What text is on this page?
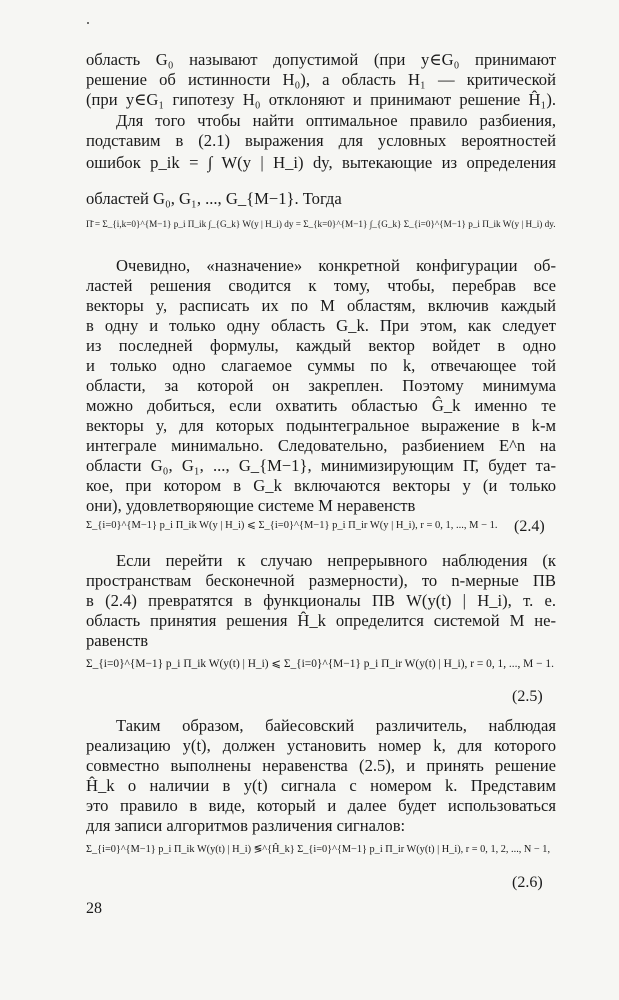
область G₀ называют допустимой (при y∈G₀ принимают

решение об истинности H₀), а область H₁ — критической

(при y∈G₁ гипотезу H₀ отклоняют и принимают решение Ĥ₁).

Для того чтобы найти оптимальное правило разбиения,

подставим в (2.1) выражения для условных вероятностей

ошибок p_ik = ∫ W(y | H_i) dy, вытекающие из определения

областей G₀, G₁, ..., G_{M−1}. Тогда

Π̄ = Σ_{i,k=0}^{M−1} p_i Π_ik ∫_{G_k} W(y | H_i) dy = Σ_{k=0}^{M−1} ∫_{G_k} Σ_{i=0}^{M−1} p_i Π_ik W(y | H_i) dy.

Очевидно, «назначение» конкретной конфигурации об-

ластей решения сводится к тому, чтобы, перебрав все

векторы y, расписать их по M областям, включив каждый

в одну и только одну область G_k. При этом, как следует

из последней формулы, каждый вектор войдет в одно

и только одно слагаемое суммы по k, отвечающее той

области, за которой он закреплен. Поэтому минимума

можно добиться, если охватить областью Ĝ_k именно те

векторы y, для которых подынтегральное выражение в k-м

интеграле минимально. Следовательно, разбиением E^n на

области G₀, G₁, ..., G_{M−1}, минимизирующим Π̄, будет та-

кое, при котором в G_k включаются векторы y (и только

они), удовлетворяющие системе M неравенств

Σ_{i=0}^{M−1} p_i Π_ik W(y | H_i) ⩽ Σ_{i=0}^{M−1} p_i Π_ir W(y | H_i), r = 0, 1, ..., M − 1.	(2.4)

Если перейти к случаю непрерывного наблюдения (к

пространствам бесконечной размерности), то n-мерные ПВ

в (2.4) превратятся в функционалы ПВ W(y(t) | H_i), т. е.

область принятия решения Ĥ_k определится системой M не-

равенств

Σ_{i=0}^{M−1} p_i Π_ik W(y(t) | H_i) ⩽ Σ_{i=0}^{M−1} p_i Π_ir W(y(t) | H_i), r = 0, 1, ..., M − 1.
(2.5)

Таким образом, байесовский различитель, наблюдая

реализацию y(t), должен установить номер k, для которого

совместно выполнены неравенства (2.5), и принять решение

Ĥ_k о наличии в y(t) сигнала с номером k. Представим

это правило в виде, который и далее будет использоваться

для записи алгоритмов различения сигналов:

Σ_{i=0}^{M−1} p_i Π_ik W(y(t) | H_i) ≶^{Ĥ_k} Σ_{i=0}^{M−1} p_i Π_ir W(y(t) | H_i), r = 0, 1, 2, ..., N − 1,
(2.6)
28
